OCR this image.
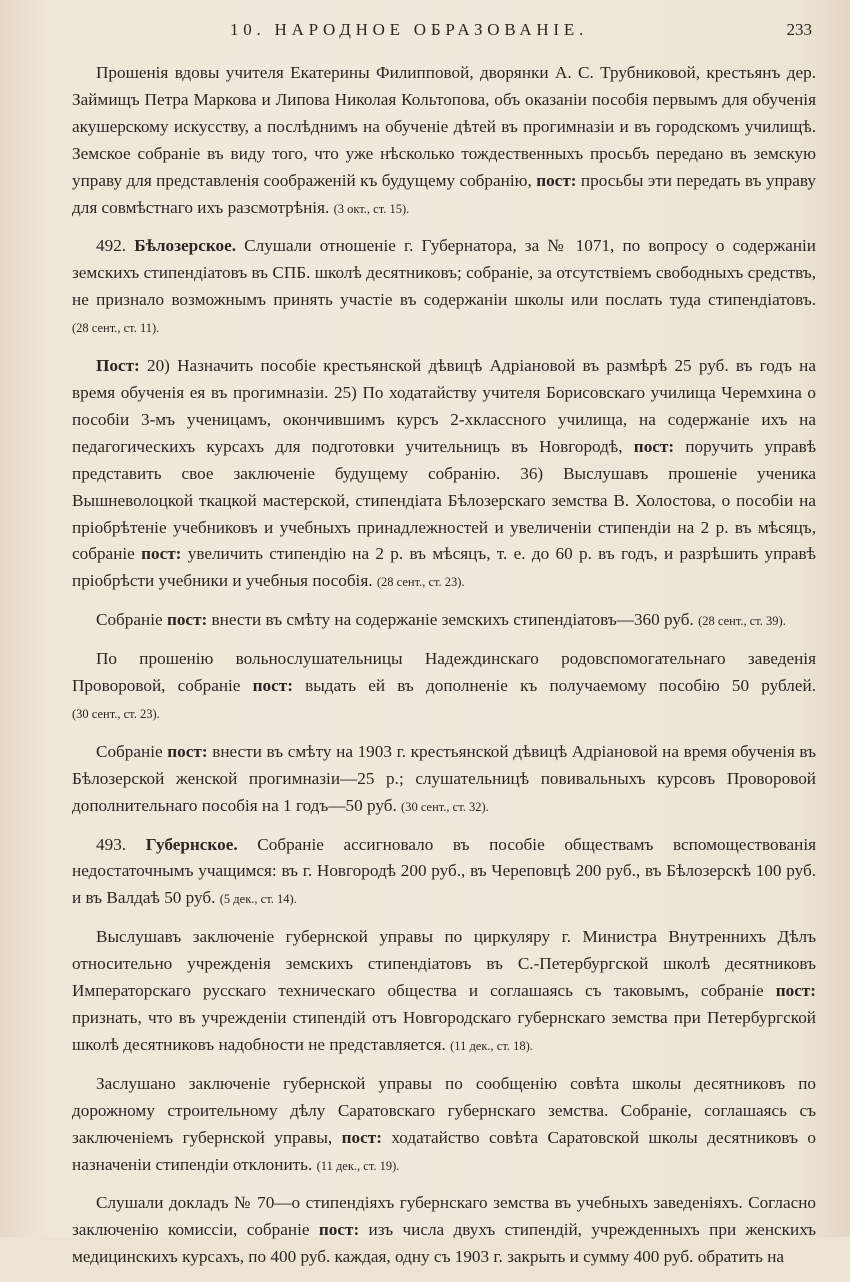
10. НАРОДНОЕ ОБРАЗОВАНІЕ.	233

Прошенія вдовы учителя Екатерины Филипповой, дворянки А. С. Трубниковой, крестьянъ дер. Займищъ Петра Маркова и Липова Николая Кольтопова, объ оказаніи пособія первымъ для обученія акушерскому искусству, а послѣднимъ на обученіе дѣтей въ прогимназіи и въ городскомъ училищѣ. Земское собраніе въ виду того, что уже нѣсколько тождественныхъ просьбъ передано въ земскую управу для представленія соображеній къ будущему собранію, пост: просьбы эти передать въ управу для совмѣстнаго ихъ разсмотрѣнія. (3 окт., ст. 15).

492. Бѣлозерское. Слушали отношеніе г. Губернатора, за № 1071, по вопросу о содержаніи земскихъ стипендіатовъ въ СПБ. школѣ десятниковъ; собраніе, за отсутствіемъ свободныхъ средствъ, не признало возможнымъ принять участіе въ содержаніи школы или послать туда стипендіатовъ. (28 сент., ст. 11).

Пост: 20) Назначить пособіе крестьянской дѣвицѣ Адріановой въ размѣрѣ 25 руб. въ годъ на время обученія ея въ прогимназіи. 25) По ходатайству учителя Борисовскаго училища Черемхина о пособіи 3-мъ ученицамъ, окончившимъ курсъ 2-хклассного училища, на содержаніе ихъ на педагогическихъ курсахъ для подготовки учительницъ въ Новгородѣ, пост: поручить управѣ представить свое заключеніе будущему собранію. 36) Выслушавъ прошеніе ученика Вышневолоцкой ткацкой мастерской, стипендіата Бѣлозерскаго земства В. Холостова, о пособіи на пріобрѣтеніе учебниковъ и учебныхъ принадлежностей и увеличеніи стипендіи на 2 р. въ мѣсяцъ, собраніе пост: увеличить стипендію на 2 р. въ мѣсяцъ, т. е. до 60 р. въ годъ, и разрѣшить управѣ пріобрѣсти учебники и учебныя пособія. (28 сент., ст. 23).

Собраніе пост: внести въ смѣту на содержаніе земскихъ стипендіатовъ—360 руб. (28 сент., ст. 39).

По прошенію вольнослушательницы Надеждинскаго родовспомогательнаго заведенія Проворовой, собраніе пост: выдать ей въ дополненіе къ получаемому пособію 50 рублей. (30 сент., ст. 23).

Собраніе пост: внести въ смѣту на 1903 г. крестьянской дѣвицѣ Адріановой на время обученія въ Бѣлозерской женской прогимназіи—25 р.; слушательницѣ повивальныхъ курсовъ Проворовой дополнительнаго пособія на 1 годъ—50 руб. (30 сент., ст. 32).

493. Губернское. Собраніе ассигновало въ пособіе обществамъ вспомоществованія недостаточнымъ учащимся: въ г. Новгородѣ 200 руб., въ Череповцѣ 200 руб., въ Бѣлозерскѣ 100 руб. и въ Валдаѣ 50 руб. (5 дек., ст. 14).

Выслушавъ заключеніе губернской управы по циркуляру г. Министра Внутреннихъ Дѣлъ относительно учрежденія земскихъ стипендіатовъ въ С.-Петербургской школѣ десятниковъ Императорскаго русскаго техническаго общества и соглашаясь съ таковымъ, собраніе пост: признать, что въ учрежденіи стипендій отъ Новгородскаго губернскаго земства при Петербургской школѣ десятниковъ надобности не представляется. (11 дек., ст. 18).

Заслушано заключеніе губернской управы по сообщенію совѣта школы десятниковъ по дорожному строительному дѣлу Саратовскаго губернскаго земства. Собраніе, соглашаясь съ заключеніемъ губернской управы, пост: ходатайство совѣта Саратовской школы десятниковъ о назначеніи стипендіи отклонить. (11 дек., ст. 19).

Слушали докладъ № 70—о стипендіяхъ губернскаго земства въ учебныхъ заведеніяхъ. Согласно заключенію комиссіи, собраніе пост: изъ числа двухъ стипендій, учрежденныхъ при женскихъ медицинскихъ курсахъ, по 400 руб. каждая, одну съ 1903 г. закрыть и сумму 400 руб. обратить на
